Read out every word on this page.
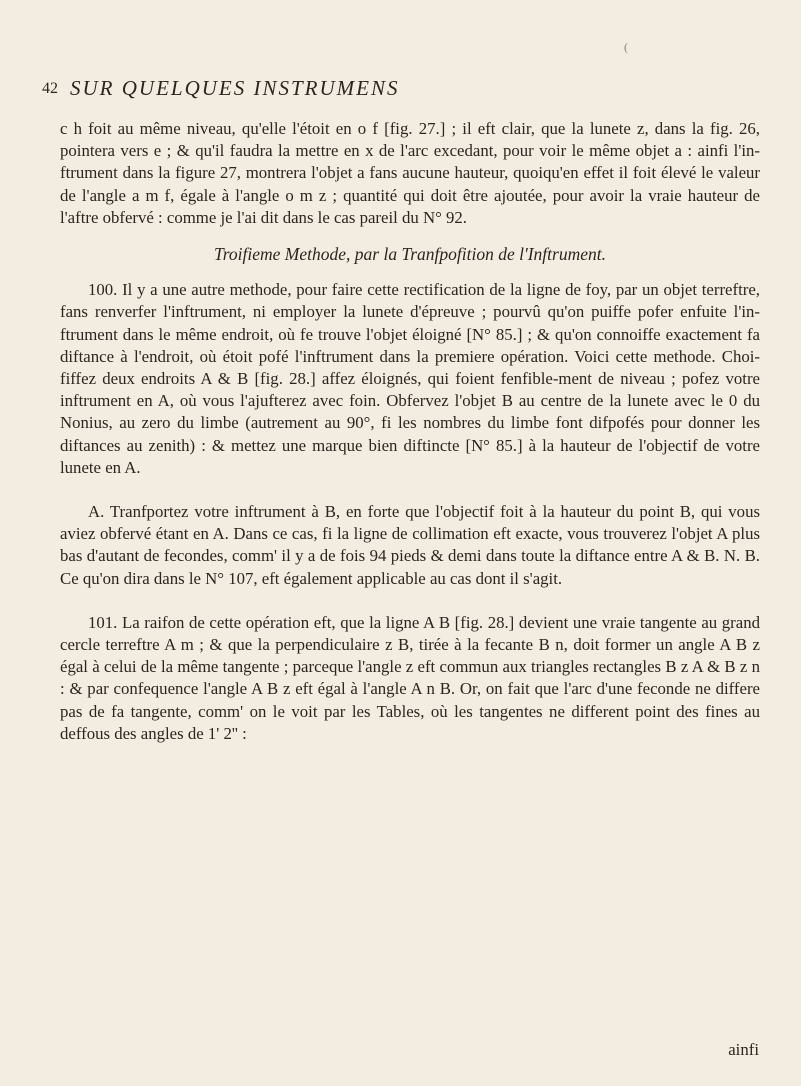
(
42 SUR QUELQUES INSTRUMENS

c h foit au même niveau, qu'elle l'étoit en o f [fig. 27.] ; il eft clair, que la lunete z, dans la fig. 26, pointera vers e ; & qu'il faudra la mettre en x de l'arc excedant, pour voir le même objet a : ainfi l'in-ftrument dans la figure 27, montrera l'objet a fans aucune hauteur, quoiqu'en effet il foit élevé le valeur de l'angle a m f, égale à l'angle o m z ; quantité qui doit être ajoutée, pour avoir la vraie hauteur de l'aftre obfervé : comme je l'ai dit dans le cas pareil du N° 92.

Troifieme Methode, par la Tranfpofition de l'Inftrument.

100. Il y a une autre methode, pour faire cette rectification de la ligne de foy, par un objet terreftre, fans renverfer l'inftrument, ni employer la lunete d'épreuve ; pourvû qu'on puiffe pofer enfuite l'in-ftrument dans le même endroit, où fe trouve l'objet éloigné [N° 85.] ; & qu'on connoiffe exactement fa diftance à l'endroit, où étoit pofé l'inftrument dans la premiere opération. Voici cette methode. Choi-fiffez deux endroits A & B [fig. 28.] affez éloignés, qui foient fenfible-ment de niveau ; pofez votre inftrument en A, où vous l'ajufterez avec foin. Obfervez l'objet B au centre de la lunete avec le 0 du Nonius, au zero du limbe (autrement au 90°, fi les nombres du limbe font difpofés pour donner les diftances au zenith) : & mettez une marque bien diftincte [N° 85.] à la hauteur de l'objectif de votre lunete en A.

A. Tranfportez votre inftrument à B, en forte que l'objectif foit à la hauteur du point B, qui vous aviez obfervé étant en A. Dans ce cas, fi la ligne de collimation eft exacte, vous trouverez l'objet A plus bas d'autant de fecondes, comm' il y a de fois 94 pieds & demi dans toute la diftance entre A & B. N. B. Ce qu'on dira dans le N° 107, eft également applicable au cas dont il s'agit.

101. La raifon de cette opération eft, que la ligne A B [fig. 28.] devient une vraie tangente au grand cercle terreftre A m ; & que la perpendiculaire z B, tirée à la fecante B n, doit former un angle A B z égal à celui de la même tangente ; parceque l'angle z eft commun aux triangles rectangles B z A & B z n : & par confequence l'angle A B z eft égal à l'angle A n B. Or, on fait que l'arc d'une feconde ne differe pas de fa tangente, comm' on le voit par les Tables, où les tangentes ne different point des fines au deffous des angles de 1' 2'' :

ainfi
